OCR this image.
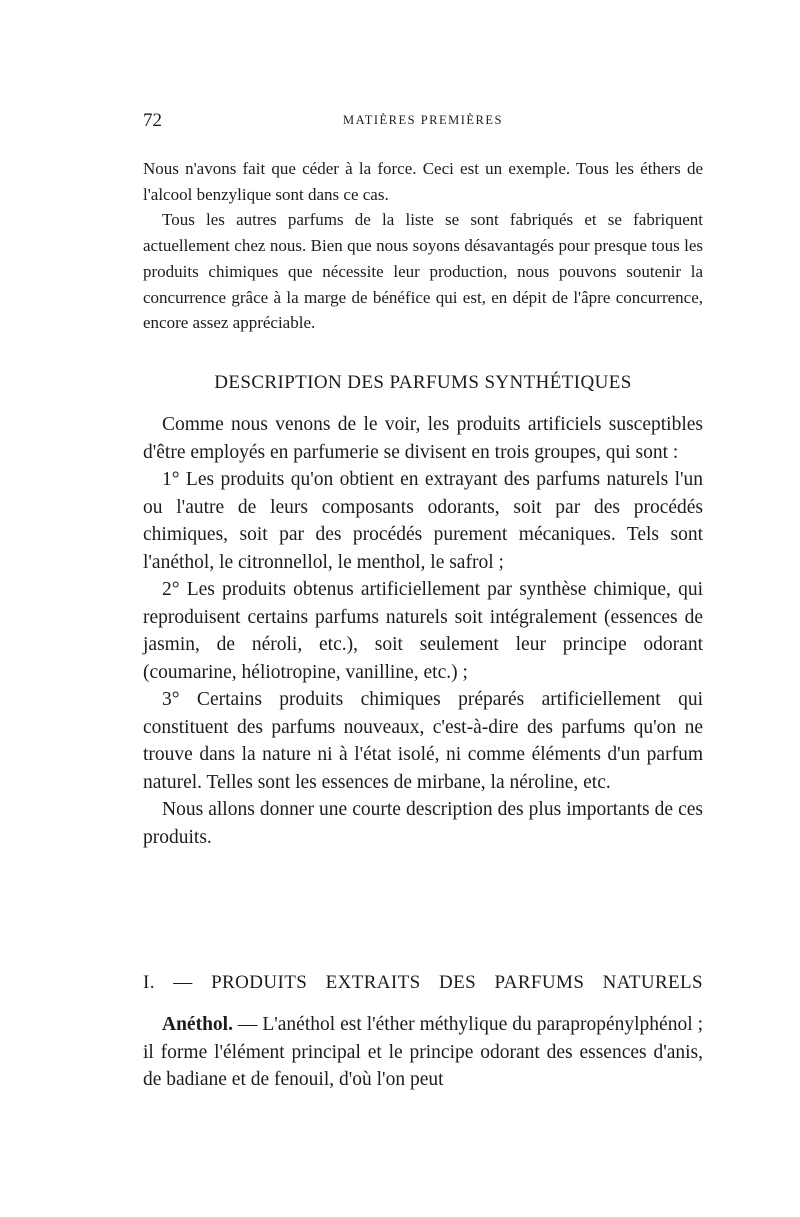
72	MATIÈRES PREMIÈRES

Nous n'avons fait que céder à la force. Ceci est un exemple. Tous les éthers de l'alcool benzylique sont dans ce cas.

Tous les autres parfums de la liste se sont fabriqués et se fabriquent actuellement chez nous. Bien que nous soyons désavantagés pour presque tous les produits chimiques que nécessite leur production, nous pouvons soutenir la concurrence grâce à la marge de bénéfice qui est, en dépit de l'âpre concurrence, encore assez appréciable.

DESCRIPTION DES PARFUMS SYNTHÉTIQUES

Comme nous venons de le voir, les produits artificiels susceptibles d'être employés en parfumerie se divisent en trois groupes, qui sont :

1° Les produits qu'on obtient en extrayant des parfums naturels l'un ou l'autre de leurs composants odorants, soit par des procédés chimiques, soit par des procédés purement mécaniques. Tels sont l'anéthol, le citronnellol, le menthol, le safrol ;

2° Les produits obtenus artificiellement par synthèse chimique, qui reproduisent certains parfums naturels soit intégralement (essences de jasmin, de néroli, etc.), soit seulement leur principe odorant (coumarine, héliotropine, vanilline, etc.) ;

3° Certains produits chimiques préparés artificiellement qui constituent des parfums nouveaux, c'est-à-dire des parfums qu'on ne trouve dans la nature ni à l'état isolé, ni comme éléments d'un parfum naturel. Telles sont les essences de mirbane, la néroline, etc.

Nous allons donner une courte description des plus importants de ces produits.

I. — PRODUITS EXTRAITS DES PARFUMS NATURELS

Anéthol. — L'anéthol est l'éther méthylique du parapropénylphénol ; il forme l'élément principal et le principe odorant des essences d'anis, de badiane et de fenouil, d'où l'on peut
